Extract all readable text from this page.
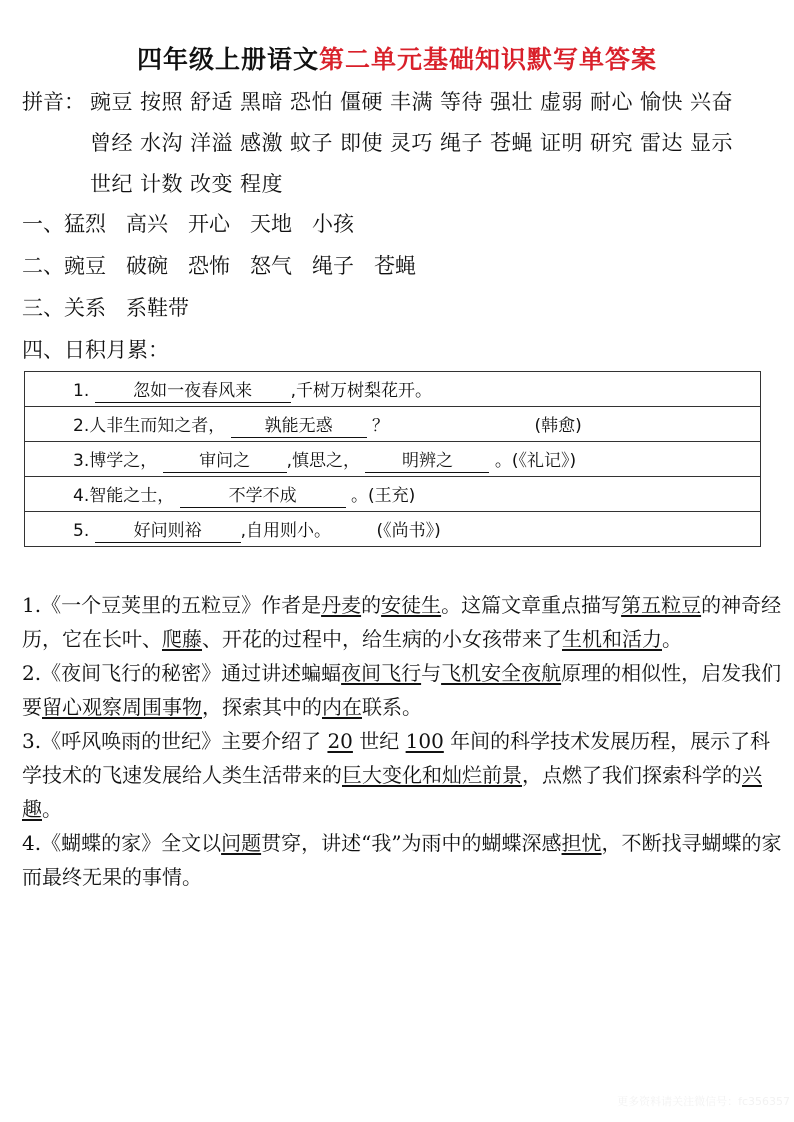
四年级上册语文第二单元基础知识默写单答案
拼音： 豌豆 按照 舒适 黑暗 恐怕 僵硬 丰满 等待 强壮 虚弱 耐心 愉快 兴奋曾经 水沟 洋溢 感激 蚊子 即使 灵巧 绳子 苍蝇 证明 研究 雷达 显示世纪 计数 改变 程度
一、猛烈 高兴 开心 天地 小孩
二、豌豆 破碗 恐怖 怒气 绳子 苍蝇
三、关系 系鞋带
四、日积月累：
1.	忽如一夜春风来 ,千树万树梨花开。
2.人非生而知之者， 孰能无惑 ？	(韩愈)
3.博学之， 审问之 ,慎思之， 明辨之 。(《礼记》)
4.智能之士，	不学不成	。(王充)
5.	好问则裕 ,自用则小。	(《尚书》)

1.《一个豆荚里的五粒豆》作者是丹麦的安徒生。这篇文章重点描写第五粒豆的神奇经历，它在长叶、爬藤、开花的过程中，给生病的小女孩带来了生机和活力。

2.《夜间飞行的秘密》通过讲述蝙蝠夜间飞行与飞机安全夜航原理的相似性，启发我们要留心观察周围事物，探索其中的内在联系。

3.《呼风唤雨的世纪》主要介绍了 20 世纪 100 年间的科学技术发展历程，展示了科学技术的飞速发展给人类生活带来的巨大变化和灿烂前景，点燃了我们探索科学的兴趣。

4.《蝴蝶的家》全文以问题贯穿，讲述“我”为雨中的蝴蝶深感担忧，不断找寻蝴蝶的家而最终无果的事情。

更多资料请关注微信号：fc356357
